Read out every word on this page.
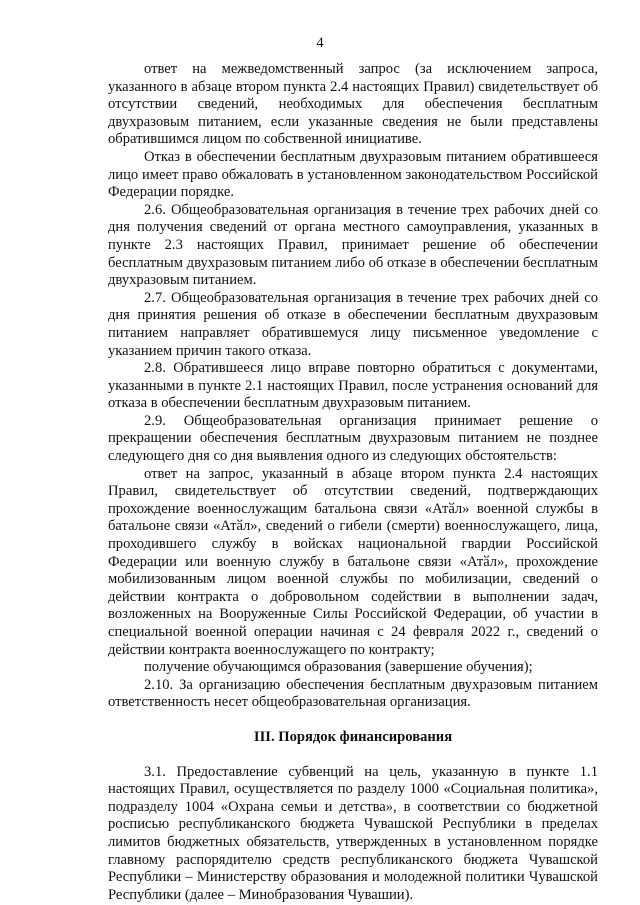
4

ответ на межведомственный запрос (за исключением запроса, указанного в абзаце втором пункта 2.4 настоящих Правил) свидетельствует об отсутствии сведений, необходимых для обеспечения бесплатным двухразовым питанием, если указанные сведения не были представлены обратившимся лицом по собственной инициативе.

Отказ в обеспечении бесплатным двухразовым питанием обратившееся лицо имеет право обжаловать в установленном законодательством Российской Федерации порядке.

2.6. Общеобразовательная организация в течение трех рабочих дней со дня получения сведений от органа местного самоуправления, указанных в пункте 2.3 настоящих Правил, принимает решение об обеспечении бесплатным двухразовым питанием либо об отказе в обеспечении бесплатным двухразовым питанием.

2.7. Общеобразовательная организация в течение трех рабочих дней со дня принятия решения об отказе в обеспечении бесплатным двухразовым питанием направляет обратившемуся лицу письменное уведомление с указанием причин такого отказа.

2.8. Обратившееся лицо вправе повторно обратиться с документами, указанными в пункте 2.1 настоящих Правил, после устранения оснований для отказа в обеспечении бесплатным двухразовым питанием.

2.9. Общеобразовательная организация принимает решение о прекращении обеспечения бесплатным двухразовым питанием не позднее следующего дня со дня выявления одного из следующих обстоятельств:

ответ на запрос, указанный в абзаце втором пункта 2.4 настоящих Правил, свидетельствует об отсутствии сведений, подтверждающих прохождение военнослужащим батальона связи «Атӑл» военной службы в батальоне связи «Атӑл», сведений о гибели (смерти) военнослужащего, лица, проходившего службу в войсках национальной гвардии Российской Федерации или военную службу в батальоне связи «Атӑл», прохождение мобилизованным лицом военной службы по мобилизации, сведений о действии контракта о добровольном содействии в выполнении задач, возложенных на Вооруженные Силы Российской Федерации, об участии в специальной военной операции начиная с 24 февраля 2022 г., сведений о действии контракта военнослужащего по контракту;

получение обучающимся образования (завершение обучения);

2.10. За организацию обеспечения бесплатным двухразовым питанием ответственность несет общеобразовательная организация.

III. Порядок финансирования

3.1. Предоставление субвенций на цель, указанную в пункте 1.1 настоящих Правил, осуществляется по разделу 1000 «Социальная политика», подразделу 1004 «Охрана семьи и детства», в соответствии со бюджетной росписью республиканского бюджета Чувашской Республики в пределах лимитов бюджетных обязательств, утвержденных в установленном порядке главному распорядителю средств республиканского бюджета Чувашской Республики – Министерству образования и молодежной политики Чувашской Республики (далее – Минобразования Чувашии).
